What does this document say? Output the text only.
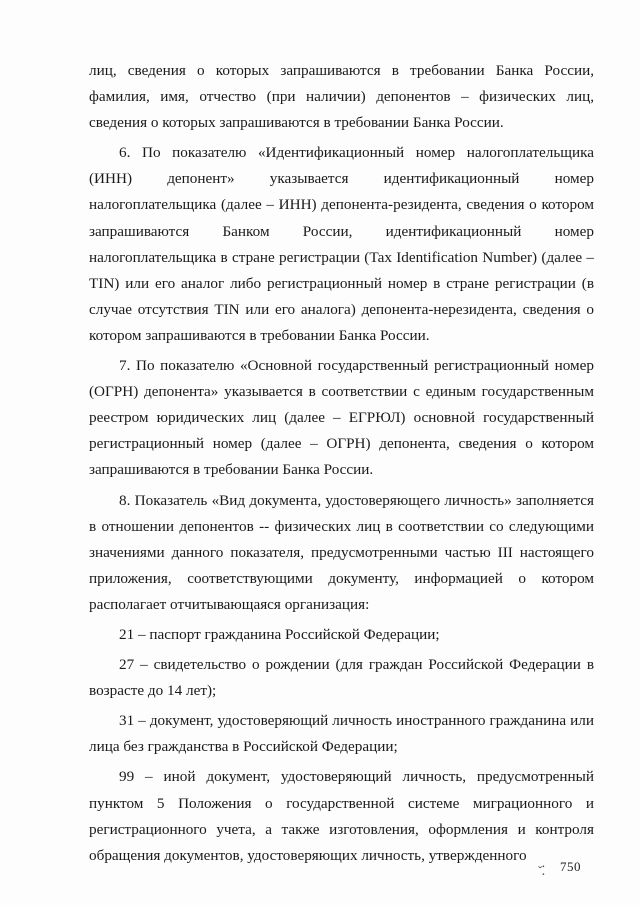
лиц, сведения о которых запрашиваются в требовании Банка России, фамилия, имя, отчество (при наличии) депонентов – физических лиц, сведения о которых запрашиваются в требовании Банка России.

6. По показателю «Идентификационный номер налогоплательщика (ИНН) депонент» указывается идентификационный номер налогоплательщика (далее – ИНН) депонента-резидента, сведения о котором запрашиваются Банком России, идентификационный номер налогоплательщика в стране регистрации (Tax Identification Number) (далее – TIN) или его аналог либо регистрационный номер в стране регистрации (в случае отсутствия TIN или его аналога) депонента-нерезидента, сведения о котором запрашиваются в требовании Банка России.

7. По показателю «Основной государственный регистрационный номер (ОГРН) депонента» указывается в соответствии с единым государственным реестром юридических лиц (далее – ЕГРЮЛ) основной государственный регистрационный номер (далее – ОГРН) депонента, сведения о котором запрашиваются в требовании Банка России.

8. Показатель «Вид документа, удостоверяющего личность» заполняется в отношении депонентов -- физических лиц в соответствии со следующими значениями данного показателя, предусмотренными частью III настоящего приложения, соответствующими документу, информацией о котором располагает отчитывающаяся организация:

21 – паспорт гражданина Российской Федерации;

27 – свидетельство о рождении (для граждан Российской Федерации в возрасте до 14 лет);

31 – документ, удостоверяющий личность иностранного гражданина или лица без гражданства в Российской Федерации;

99 – иной документ, удостоверяющий личность, предусмотренный пунктом 5 Положения о государственной системе миграционного и регистрационного учета, а также изготовления, оформления и контроля обращения документов, удостоверяющих личность, утвержденного

ˇ⁚ 750
